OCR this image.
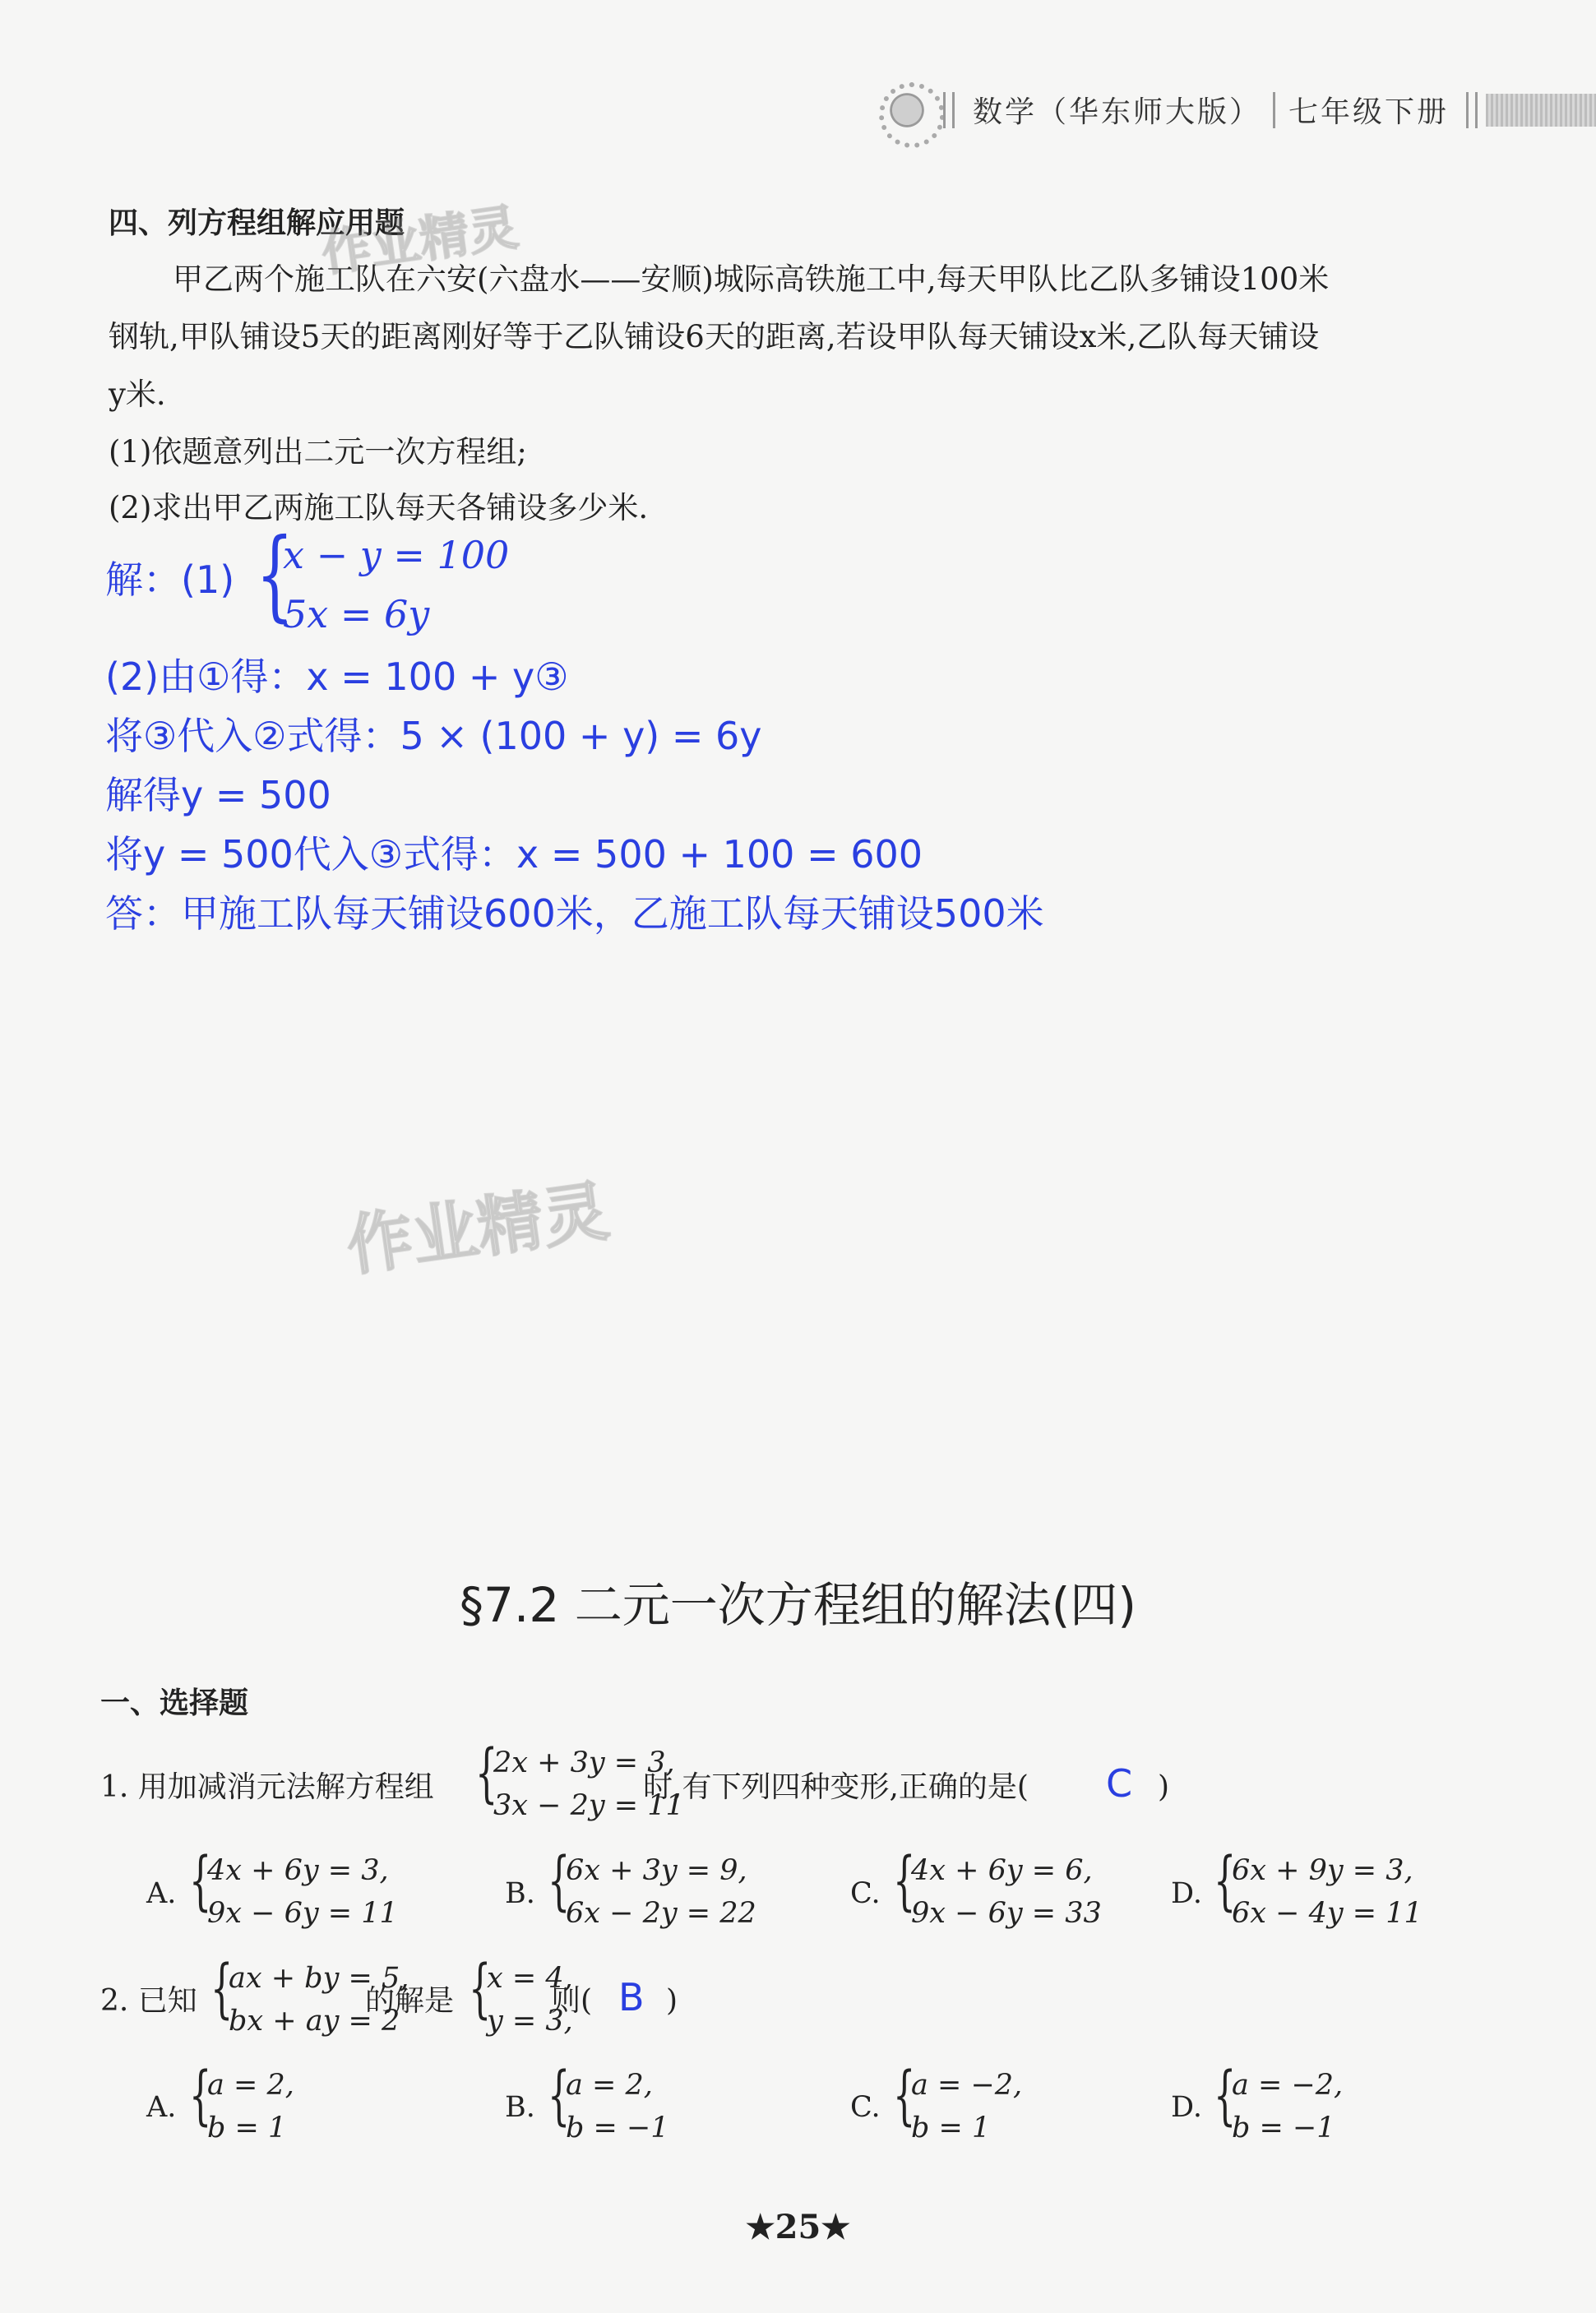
数学（华东师大版） 七年级下册
四、列方程组解应用题
甲乙两个施工队在六安(六盘水——安顺)城际高铁施工中,每天甲队比乙队多铺设100米
钢轨,甲队铺设5天的距离刚好等于乙队铺设6天的距离,若设甲队每天铺设x米,乙队每天铺设
y米.
(1)依题意列出二元一次方程组;
(2)求出甲乙两施工队每天各铺设多少米.
解：(1) {
x − y = 100
5x = 6y
(2)由①得：x = 100 + y③
将③代入②式得：5 × (100 + y) = 6y
解得y = 500
将y = 500代入③式得：x = 500 + 100 = 600
答：甲施工队每天铺设600米，乙施工队每天铺设500米
作业精灵
作业精灵
§7.2 二元一次方程组的解法(四)
一、选择题
1. 用加减消元法解方程组 {
2x + 3y = 3,
3x − 2y = 11
时,有下列四种变形,正确的是( C )
A. {
4x + 6y = 3,
9x − 6y = 11
B. {
6x + 3y = 9,
6x − 2y = 22
C. {
4x + 6y = 6,
9x − 6y = 33
D. {
6x + 9y = 3,
6x − 4y = 11
2. 已知 {
ax + by = 5,
bx + ay = 2
的解是 {
x = 4,
y = 3,
则( B )
A. {
a = 2,
b = 1
B. {
a = 2,
b = −1
C. {
a = −2,
b = 1
D. {
a = −2,
b = −1
★25★
